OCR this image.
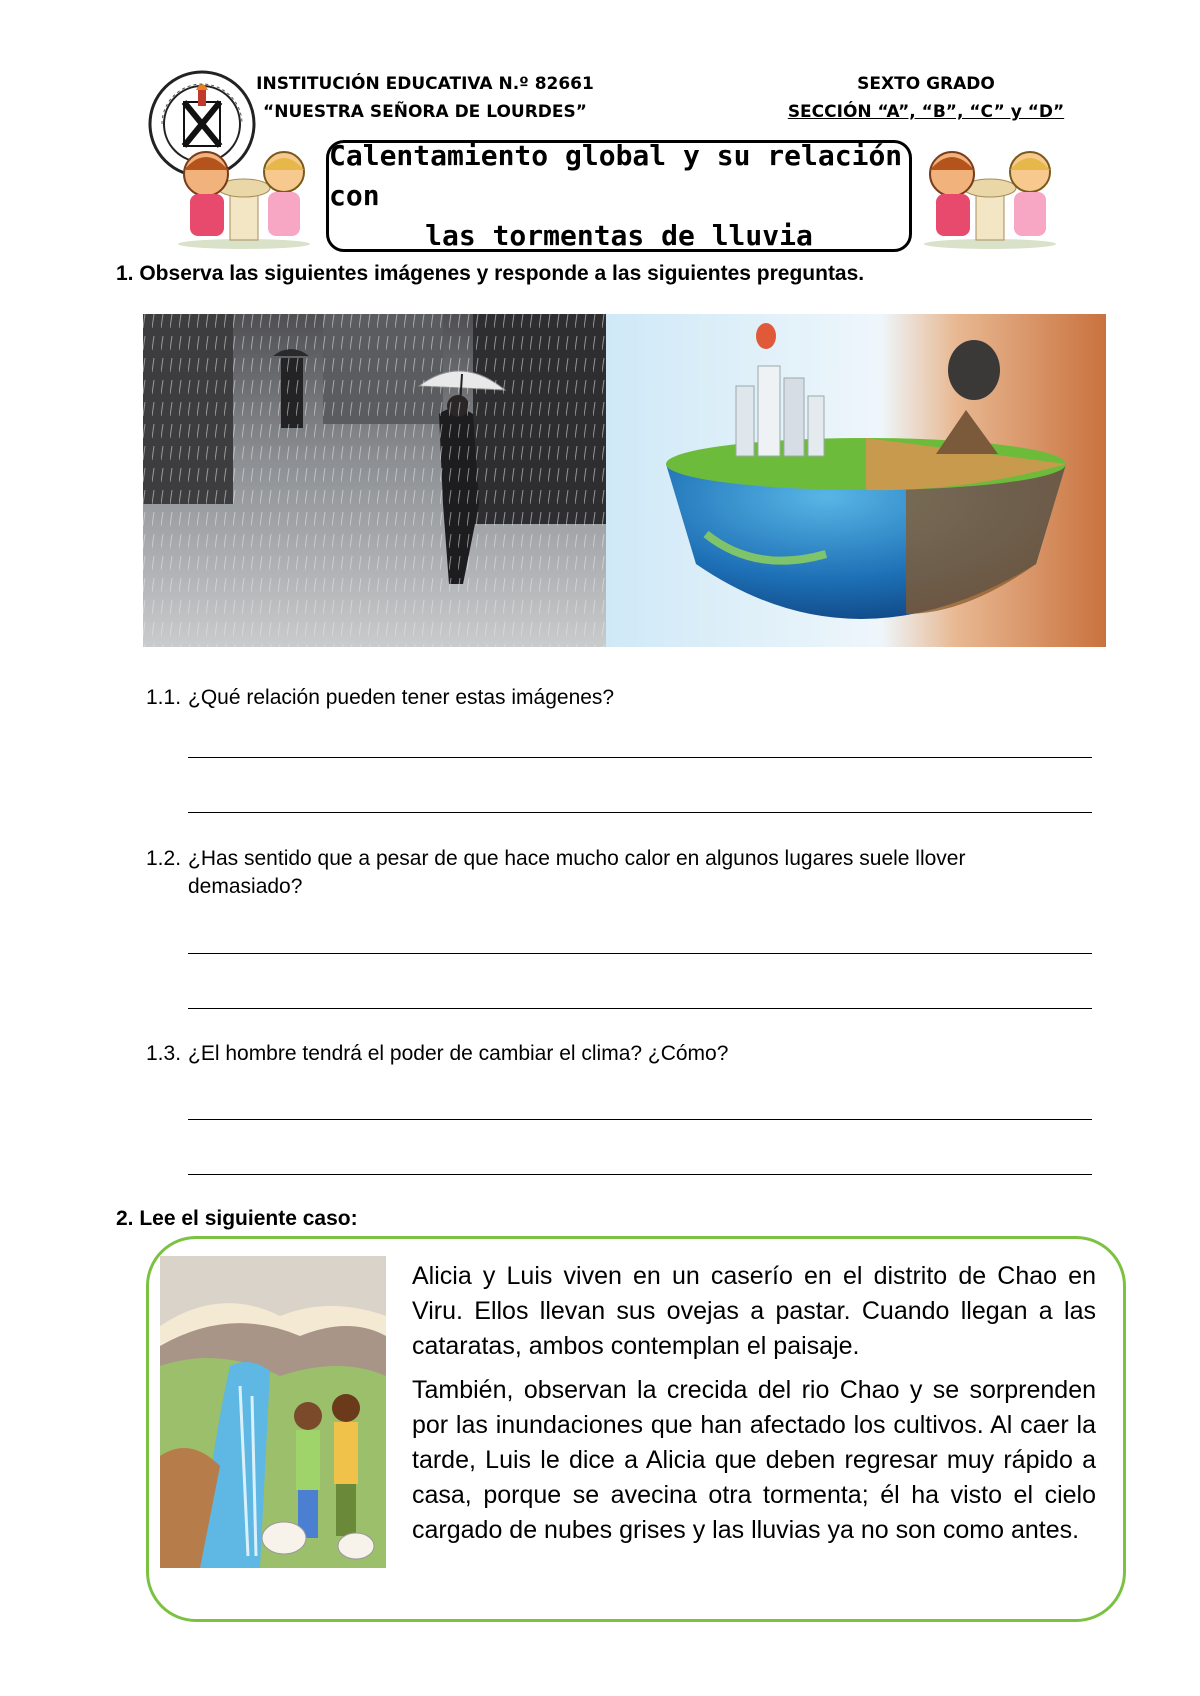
INSTITUCIÓN EDUCATIVA N.º 82661
“NUESTRA SEÑORA DE LOURDES”
SEXTO GRADO
SECCIÓN “A”, “B”, “C” y “D”
Calentamiento global y su relación con
las tormentas de lluvia
1. Observa las siguientes imágenes y responde a las siguientes preguntas.
1.1. ¿Qué relación pueden tener estas imágenes?
1.2. ¿Has sentido que a pesar de que hace mucho calor en algunos lugares suele llover
demasiado?
1.3. ¿El hombre tendrá el poder de cambiar el clima? ¿Cómo?
2. Lee el siguiente caso:

Alicia y Luis viven en un caserío en el distrito de Chao en Viru. Ellos llevan sus ovejas a pastar. Cuando llegan a las cataratas, ambos contemplan el paisaje.

También, observan la crecida del rio Chao y se sorprenden por las inundaciones que han afectado los cultivos. Al caer la tarde, Luis le dice a Alicia que deben regresar muy rápido a casa, porque se avecina otra tormenta; él ha visto el cielo cargado de nubes grises y las lluvias ya no son como antes.
